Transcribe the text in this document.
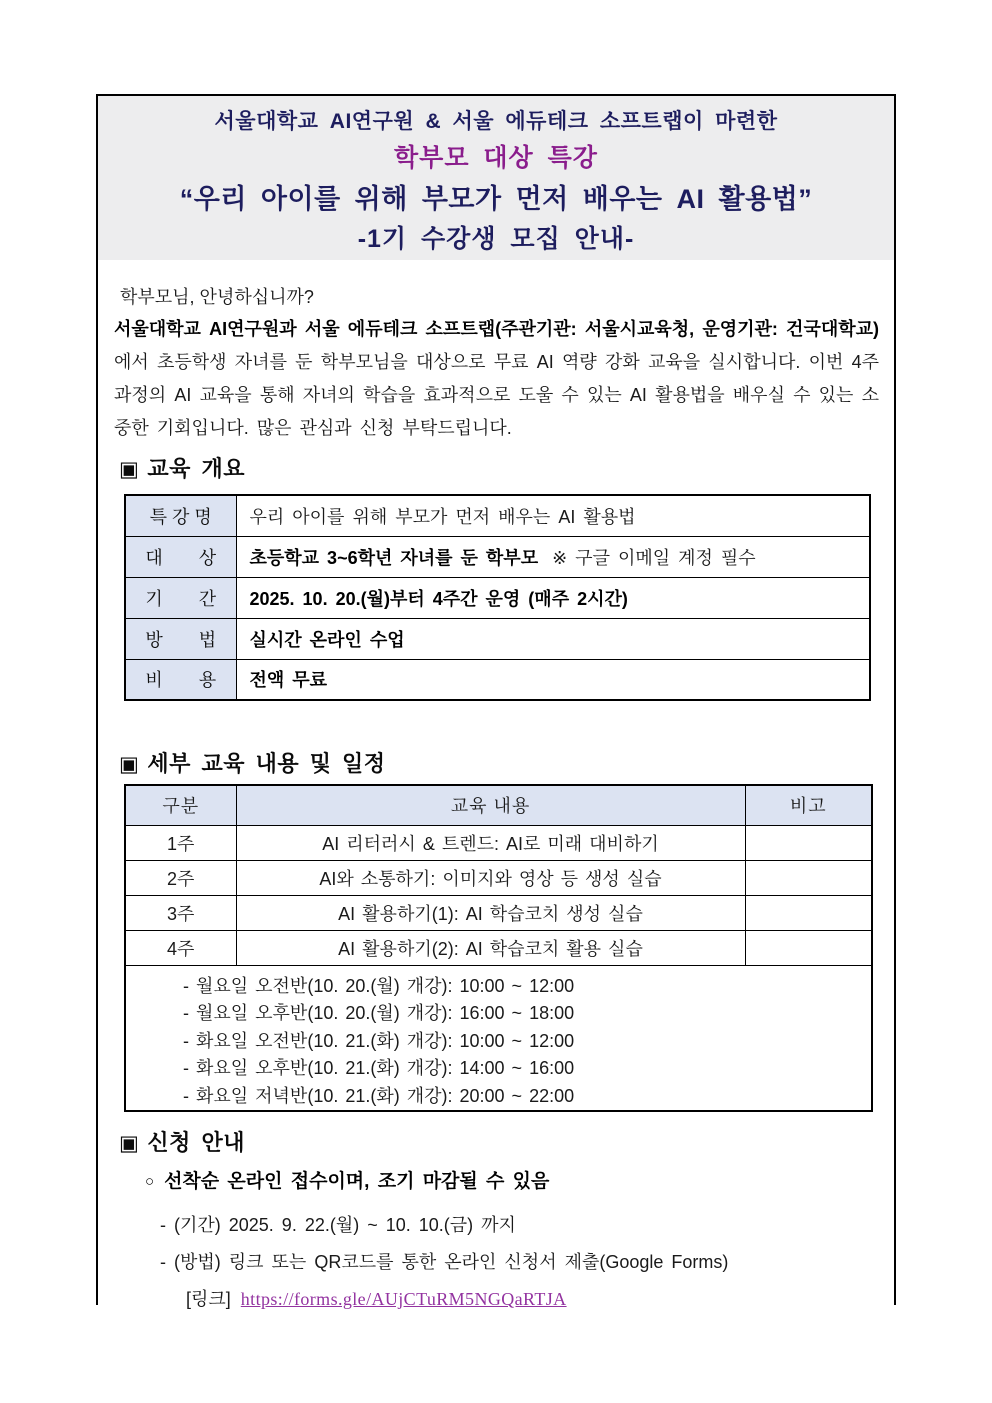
서울대학교 AI연구원 & 서울 에듀테크 소프트랩이 마련한
학부모 대상 특강
“우리 아이를 위해 부모가 먼저 배우는 AI 활용법”
-1기 수강생 모집 안내-
학부모님, 안녕하십니까?
서울대학교 AI연구원과 서울 에듀테크 소프트랩(주관기관: 서울시교육청, 운영기관: 건국대학교)에서 초등학생 자녀를 둔 학부모님을 대상으로 무료 AI 역량 강화 교육을 실시합니다. 이번 4주 과정의 AI 교육을 통해 자녀의 학습을 효과적으로 도울 수 있는 AI 활용법을 배우실 수 있는 소중한 기회입니다. 많은 관심과 신청 부탁드립니다.
▣ 교육 개요
특 강 명	우리 아이를 위해 부모가 먼저 배우는 AI 활용법
대　　상	초등학교 3~6학년 자녀를 둔 학부모 ※ 구글 이메일 계정 필수
기　　간	2025. 10. 20.(월)부터 4주간 운영 (매주 2시간)
방　　법	실시간 온라인 수업
비　　용	전액 무료
▣ 세부 교육 내용 및 일정
구분	교육 내용	비고
1주	AI 리터러시 & 트렌드: AI로 미래 대비하기	
2주	AI와 소통하기: 이미지와 영상 등 생성 실습	
3주	AI 활용하기(1): AI 학습코치 생성 실습	
4주	AI 활용하기(2): AI 학습코치 활용 실습	

- 월요일 오전반(10. 20.(월) 개강): 10:00 ~ 12:00
- 월요일 오후반(10. 20.(월) 개강): 16:00 ~ 18:00
- 화요일 오전반(10. 21.(화) 개강): 10:00 ~ 12:00
- 화요일 오후반(10. 21.(화) 개강): 14:00 ~ 16:00
- 화요일 저녁반(10. 21.(화) 개강): 20:00 ~ 22:00		
▣ 신청 안내
○ 선착순 온라인 접수이며, 조기 마감될 수 있음
- (기간) 2025. 9. 22.(월) ~ 10. 10.(금) 까지
- (방법) 링크 또는 QR코드를 통한 온라인 신청서 제출(Google Forms)
[링크] https://forms.gle/AUjCTuRM5NGQaRTJA
